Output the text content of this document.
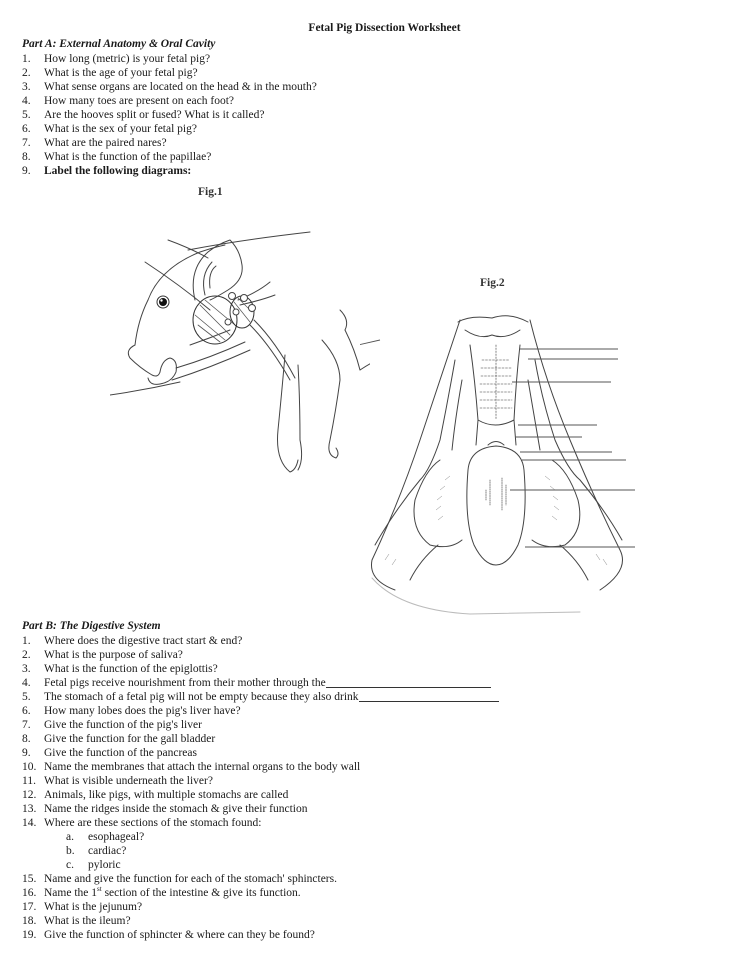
Fetal Pig Dissection Worksheet
Part A: External Anatomy & Oral Cavity
1.	How long (metric) is your fetal pig?
2.	What is the age of your fetal pig?
3.	What sense organs are located on the head & in the mouth?
4.	How many toes are present on each foot?
5.	Are the hooves split or fused? What is it called?
6.	What is the sex of your fetal pig?
7.	What are the paired nares?
8.	What is the function of the papillae?
9.	Label the following diagrams:
Fig.1
Fig.2
Part B: The Digestive System
1.	Where does the digestive tract start & end?
2.	What is the purpose of saliva?
3.	What is the function of the epiglottis?
4.	Fetal pigs receive nourishment from their mother through the
5.	The stomach of a fetal pig will not be empty because they also drink
6.	How many lobes does the pig's liver have?
7.	Give the function of the pig's liver
8.	Give the function for the gall bladder
9.	Give the function of the pancreas
10. Name the membranes that attach the internal organs to the body wall
11. What is visible underneath the liver?
12. Animals, like pigs, with multiple stomachs are called
13. Name the ridges inside the stomach & give their function
14. Where are these sections of the stomach found:
a.	esophageal?
b.	cardiac?
c.	pyloric
15. Name and give the function for each of the stomach' sphincters.
16. Name the 1st section of the intestine & give its function.
17. What is the jejunum?
18. What is the ileum?
19. Give the function of sphincter & where can they be found?
